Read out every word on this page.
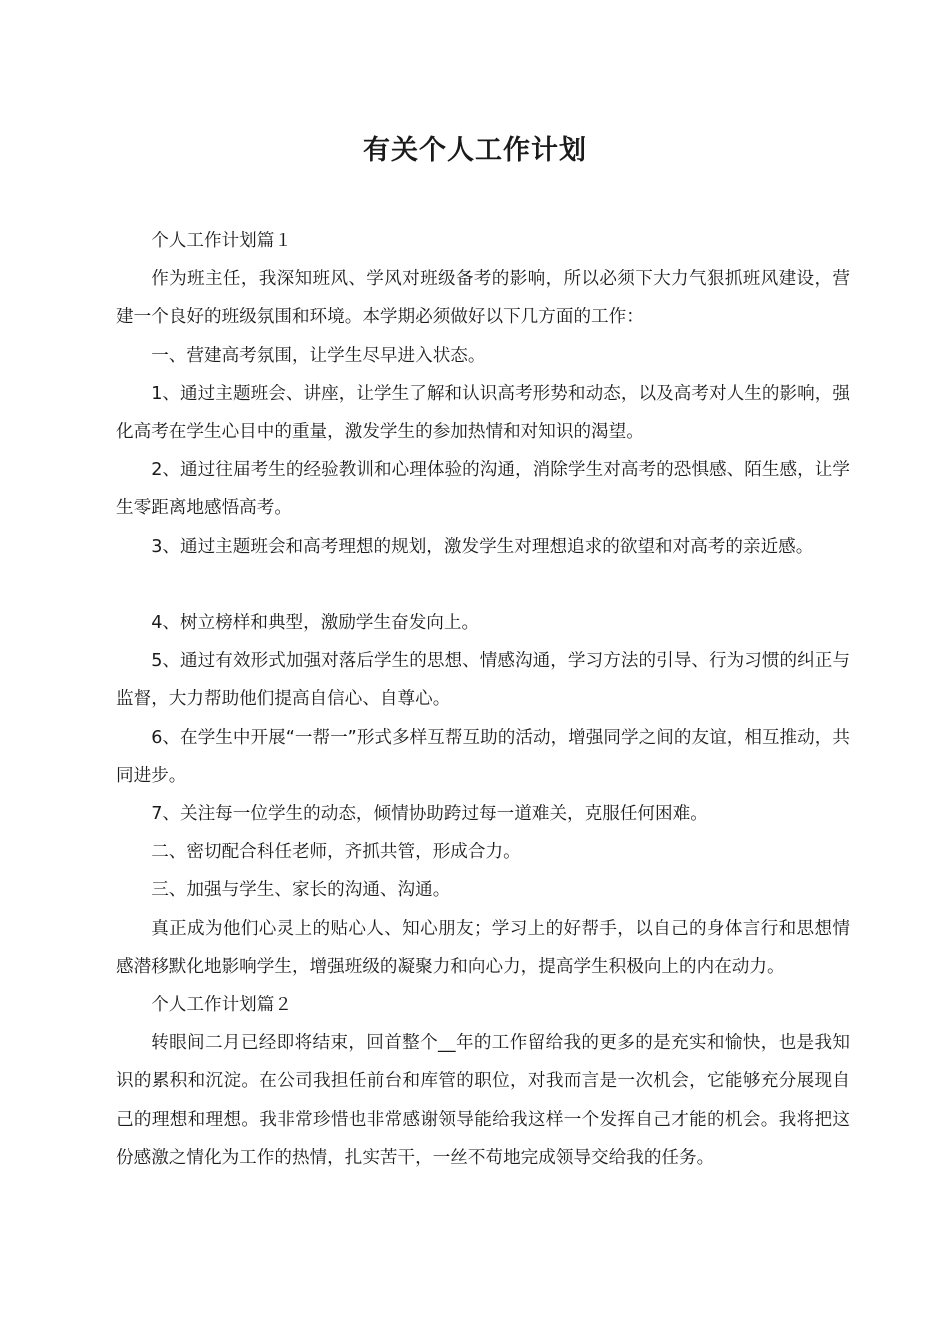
有关个人工作计划

个人工作计划篇１

作为班主任，我深知班风、学风对班级备考的影响，所以必须下大力气狠抓班风建设，营建一个良好的班级氛围和环境。本学期必须做好以下几方面的工作：

一、营建高考氛围，让学生尽早进入状态。

1、通过主题班会、讲座，让学生了解和认识高考形势和动态，以及高考对人生的影响，强化高考在学生心目中的重量，激发学生的参加热情和对知识的渴望。

2、通过往届考生的经验教训和心理体验的沟通，消除学生对高考的恐惧感、陌生感，让学生零距离地感悟高考。

3、通过主题班会和高考理想的规划，激发学生对理想追求的欲望和对高考的亲近感。

4、树立榜样和典型，激励学生奋发向上。

5、通过有效形式加强对落后学生的思想、情感沟通，学习方法的引导、行为习惯的纠正与监督，大力帮助他们提高自信心、自尊心。

6、在学生中开展“一帮一”形式多样互帮互助的活动，增强同学之间的友谊，相互推动，共同进步。

7、关注每一位学生的动态，倾情协助跨过每一道难关，克服任何困难。

二、密切配合科任老师，齐抓共管，形成合力。

三、加强与学生、家长的沟通、沟通。

真正成为他们心灵上的贴心人、知心朋友；学习上的好帮手，以自己的身体言行和思想情感潜移默化地影响学生，增强班级的凝聚力和向心力，提高学生积极向上的内在动力。

个人工作计划篇２

转眼间二月已经即将结束，回首整个__年的工作留给我的更多的是充实和愉快，也是我知识的累积和沉淀。在公司我担任前台和库管的职位，对我而言是一次机会，它能够充分展现自己的理想和理想。我非常珍惜也非常感谢领导能给我这样一个发挥自己才能的机会。我将把这份感激之情化为工作的热情，扎实苦干，一丝不苟地完成领导交给我的任务。
